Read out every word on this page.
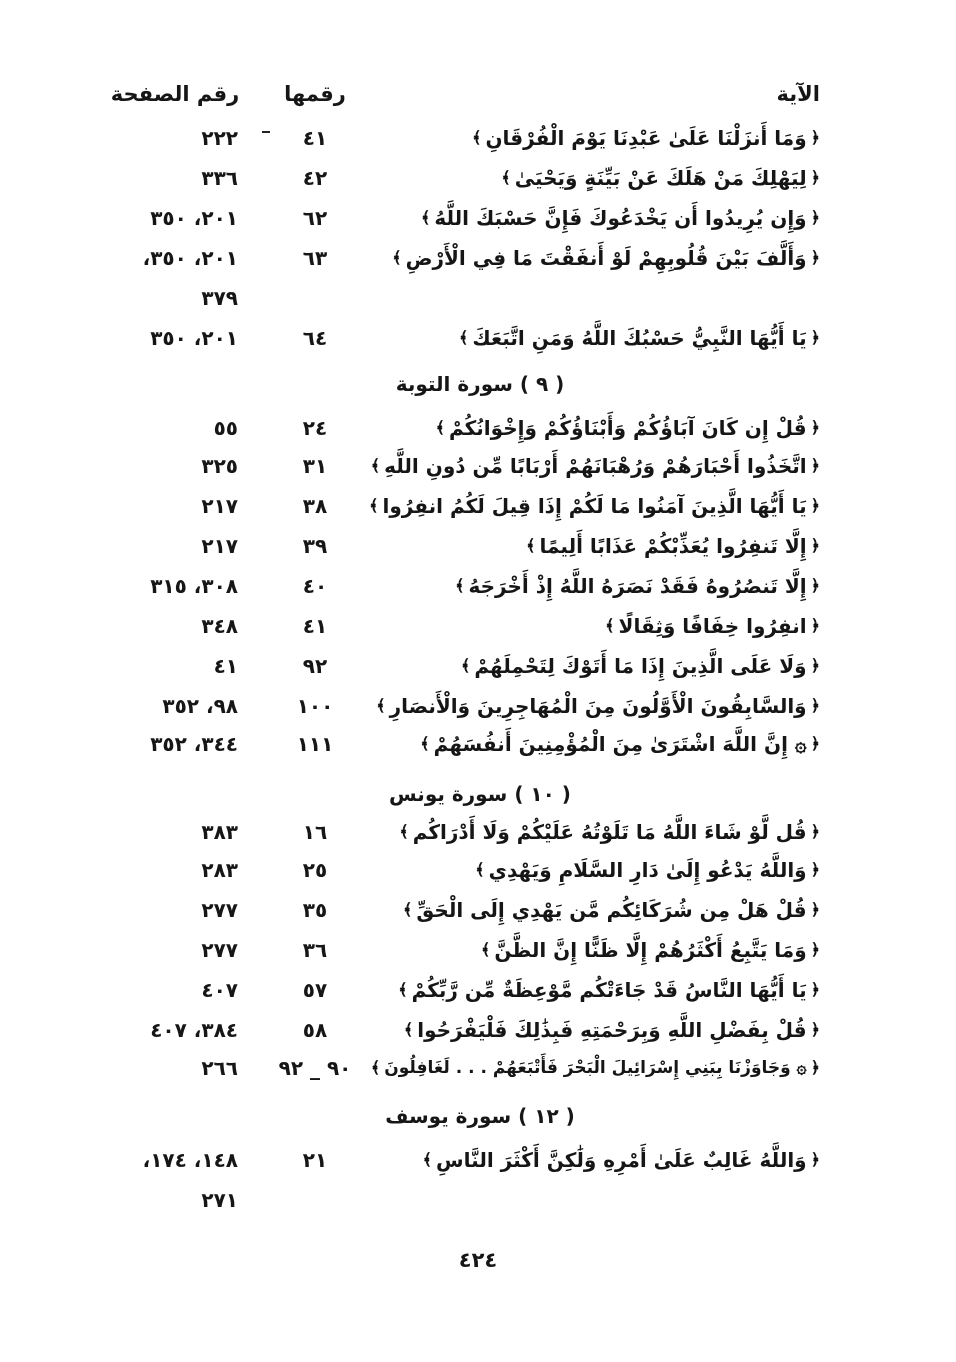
الآية
رقمها
رقم الصفحة
﴿
وَمَا أَنزَلْنَا عَلَىٰ عَبْدِنَا يَوْمَ الْفُرْقَانِ
﴾
٤١
٢٢٢
﴿
لِيَهْلِكَ مَنْ هَلَكَ عَنْ بَيِّنَةٍ وَيَحْيَىٰ
﴾
٤٢
٣٣٦
﴿
وَإِن يُرِيدُوا أَن يَخْدَعُوكَ فَإِنَّ حَسْبَكَ اللَّهُ
﴾
٦٢
٢٠١، ٣٥٠
﴿
وَأَلَّفَ بَيْنَ قُلُوبِهِمْ لَوْ أَنفَقْتَ مَا فِي الْأَرْضِ
﴾
٦٣
٢٠١، ٣٥٠،
٣٧٩
﴿
يَا أَيُّهَا النَّبِيُّ حَسْبُكَ اللَّهُ وَمَنِ اتَّبَعَكَ
﴾
٦٤
٢٠١، ٣٥٠
( ٩ ) سورة التوبة
﴿
قُلْ إِن كَانَ آبَاؤُكُمْ وَأَبْنَاؤُكُمْ وَإِخْوَانُكُمْ
﴾
٢٤
٥٥
﴿
اتَّخَذُوا أَحْبَارَهُمْ وَرُهْبَانَهُمْ أَرْبَابًا مِّن دُونِ اللَّهِ
﴾
٣١
٣٢٥
﴿
يَا أَيُّهَا الَّذِينَ آمَنُوا مَا لَكُمْ إِذَا قِيلَ لَكُمُ انفِرُوا
﴾
٣٨
٢١٧
﴿
إِلَّا تَنفِرُوا يُعَذِّبْكُمْ عَذَابًا أَلِيمًا
﴾
٣٩
٢١٧
﴿
إِلَّا تَنصُرُوهُ فَقَدْ نَصَرَهُ اللَّهُ إِذْ أَخْرَجَهُ
﴾
٤٠
٣٠٨، ٣١٥
﴿
انفِرُوا خِفَافًا وَثِقَالًا
﴾
٤١
٣٤٨
﴿
وَلَا عَلَى الَّذِينَ إِذَا مَا أَتَوْكَ لِتَحْمِلَهُمْ
﴾
٩٢
٤١
﴿
وَالسَّابِقُونَ الْأَوَّلُونَ مِنَ الْمُهَاجِرِينَ وَالْأَنصَارِ
﴾
١٠٠
٩٨، ٣٥٢
﴿
۞ إِنَّ اللَّهَ اشْتَرَىٰ مِنَ الْمُؤْمِنِينَ أَنفُسَهُمْ
﴾
١١١
٣٤٤، ٣٥٢
( ١٠ ) سورة يونس
﴿
قُل لَّوْ شَاءَ اللَّهُ مَا تَلَوْتُهُ عَلَيْكُمْ وَلَا أَدْرَاكُم
﴾
١٦
٣٨٣
﴿
وَاللَّهُ يَدْعُو إِلَىٰ دَارِ السَّلَامِ وَيَهْدِي
﴾
٢٥
٢٨٣
﴿
قُلْ هَلْ مِن شُرَكَائِكُم مَّن يَهْدِي إِلَى الْحَقِّ
﴾
٣٥
٢٧٧
﴿
وَمَا يَتَّبِعُ أَكْثَرُهُمْ إِلَّا ظَنًّا إِنَّ الظَّنَّ
﴾
٣٦
٢٧٧
﴿
يَا أَيُّهَا النَّاسُ قَدْ جَاءَتْكُم مَّوْعِظَةٌ مِّن رَّبِّكُمْ
﴾
٥٧
٤٠٧
﴿
قُلْ بِفَضْلِ اللَّهِ وَبِرَحْمَتِهِ فَبِذَٰلِكَ فَلْيَفْرَحُوا
﴾
٥٨
٣٨٤، ٤٠٧
﴿
۞ وَجَاوَزْنَا بِبَنِي إِسْرَائِيلَ الْبَحْرَ فَأَتْبَعَهُمْ . . . لَغَافِلُونَ
﴾
٩٠ _ ٩٢
٢٦٦
( ١٢ ) سورة يوسف
﴿
وَاللَّهُ غَالِبٌ عَلَىٰ أَمْرِهِ وَلَٰكِنَّ أَكْثَرَ النَّاسِ
﴾
٢١
١٤٨، ١٧٤،
٢٧١
٤٢٤
